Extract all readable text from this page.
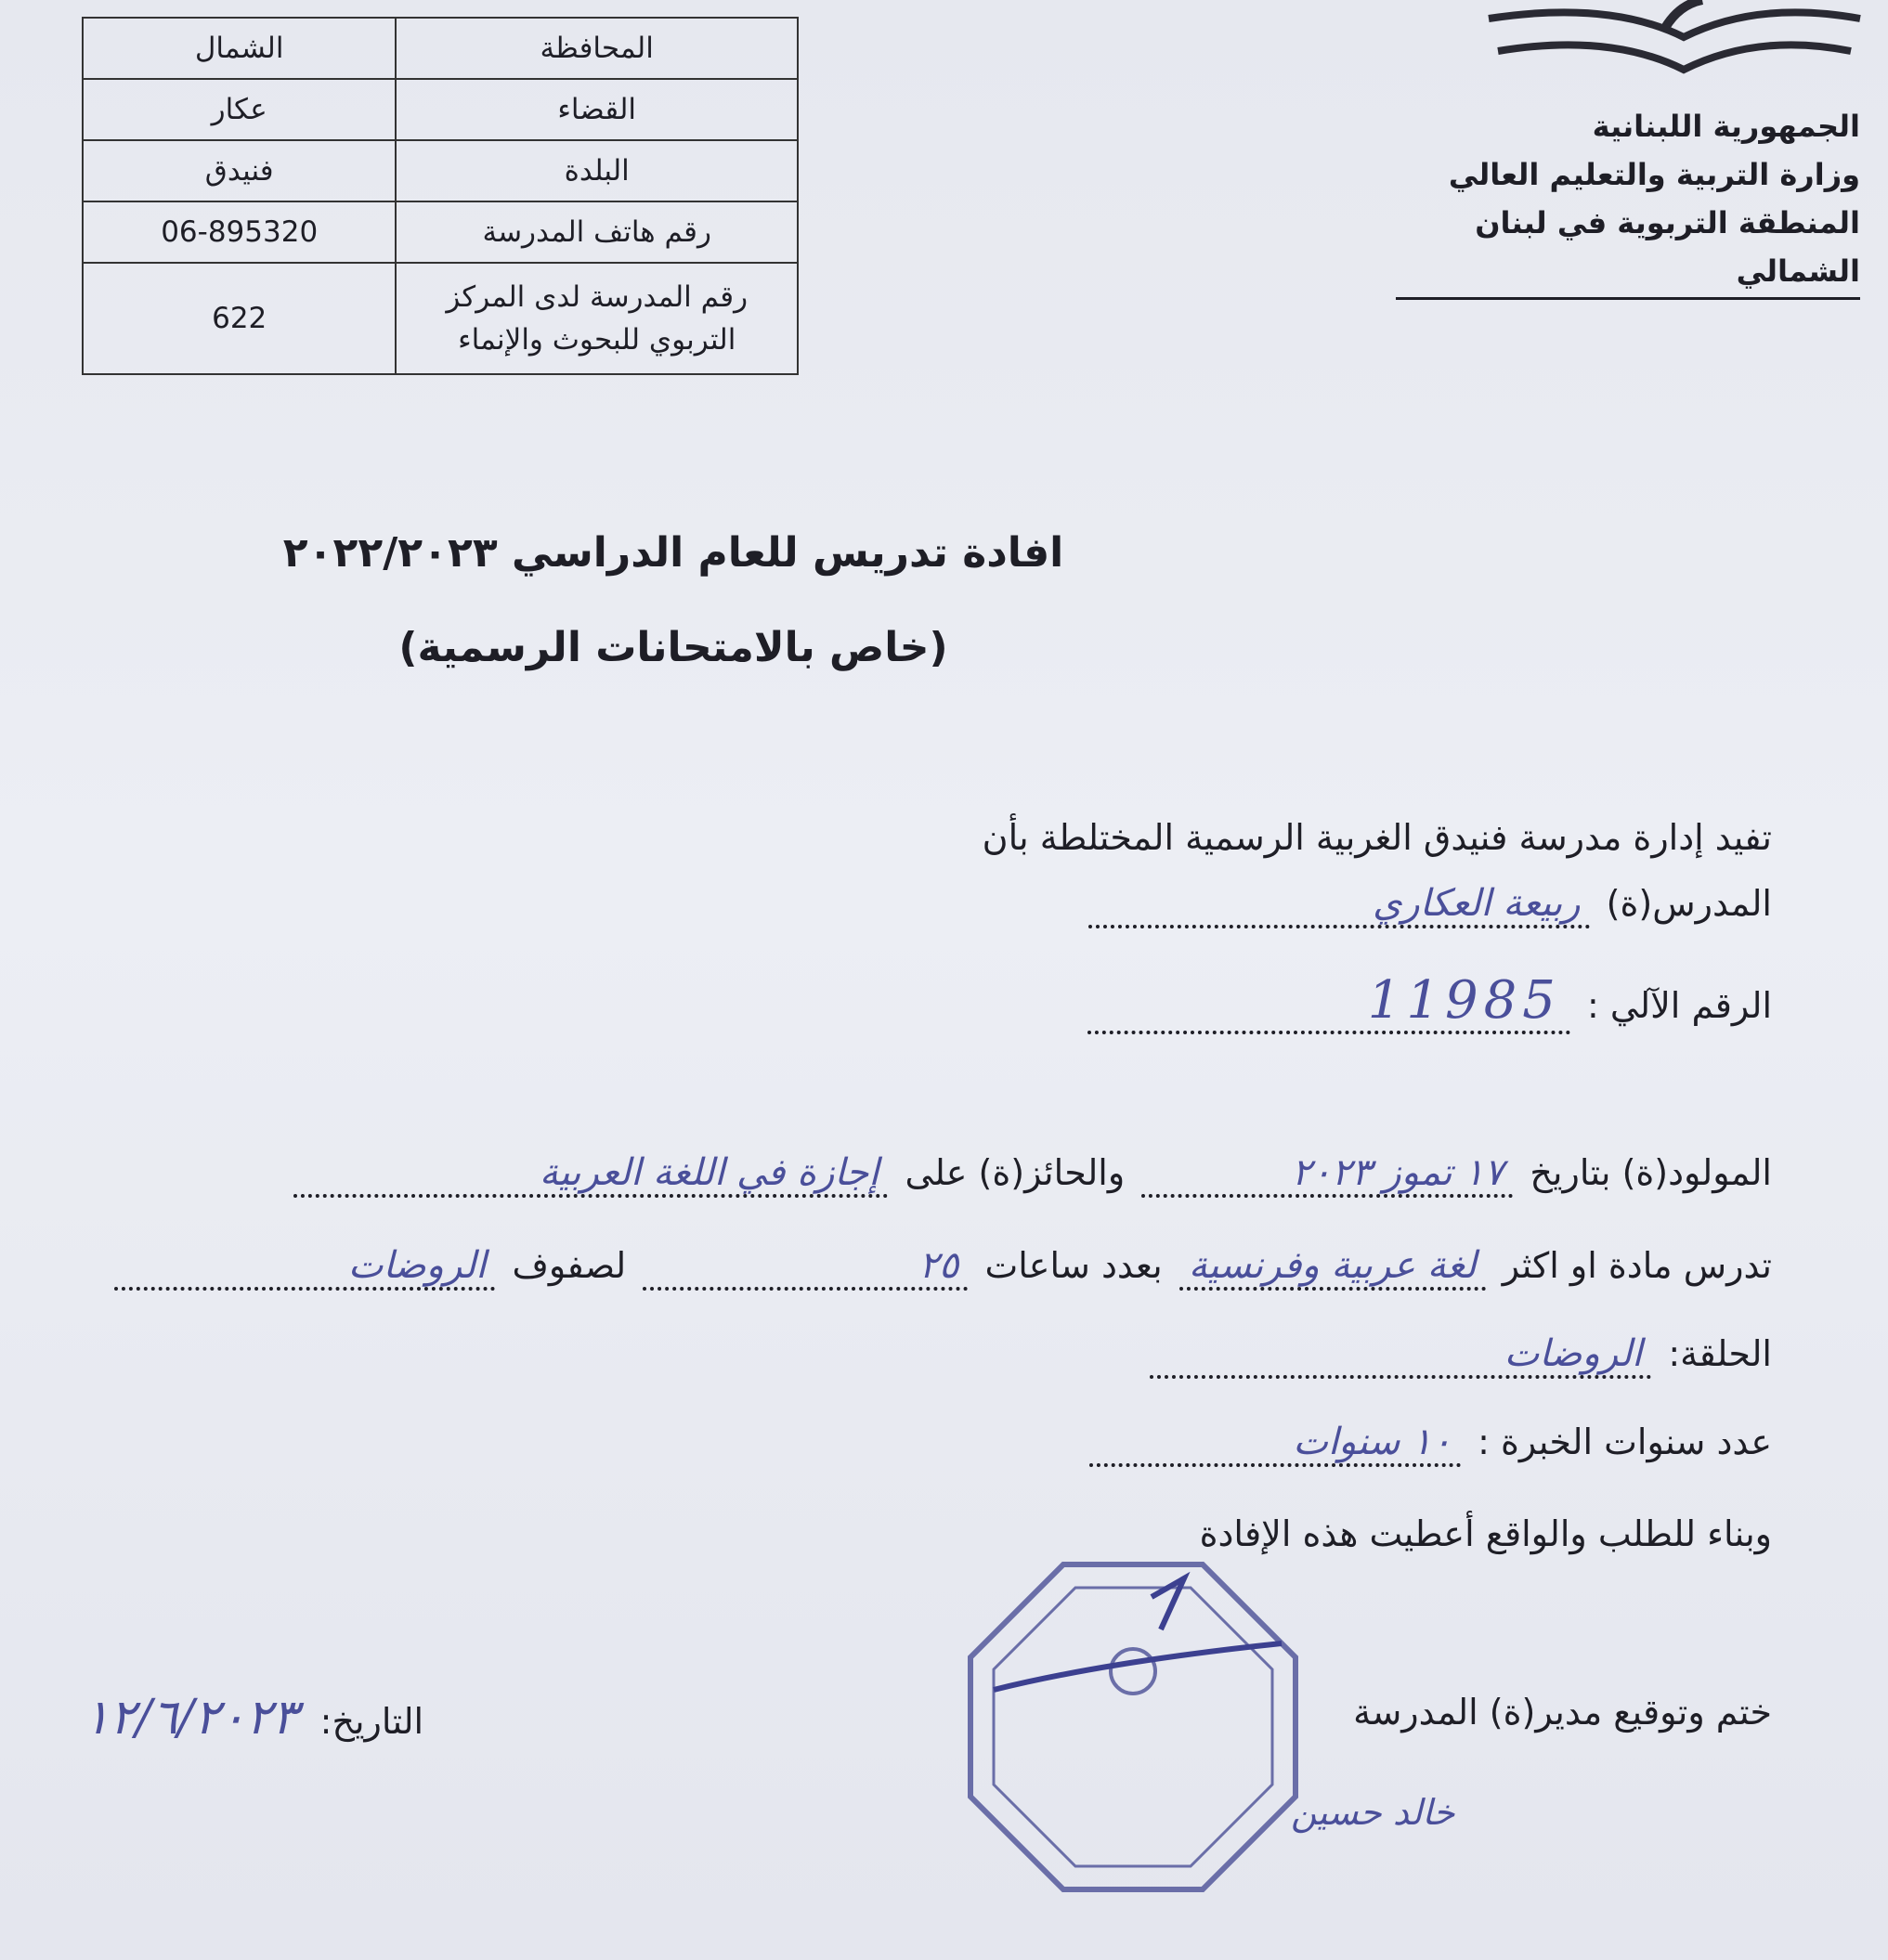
الجمهورية اللبنانية
وزارة التربية والتعليم العالي
المنطقة التربوية في لبنان الشمالي
الشمال	المحافظة
عكار	القضاء
فنيدق	البلدة
06-895320	رقم هاتف المدرسة
622	رقم المدرسة لدى المركز
التربوي للبحوث والإنماء
افادة تدريس للعام الدراسي ٢٠٢٢/٢٠٢٣
(خاص بالامتحانات الرسمية)
تفيد إدارة مدرسة فنيدق الغربية الرسمية المختلطة بأن
المدرس(ة) ربيعة العكاري
الرقم الآلي : 11985
المولود(ة) بتاريخ ١٧ تموز ٢٠٢٣ والحائز(ة) على إجازة في اللغة العربية
تدرس مادة او اكثر لغة عربية وفرنسية بعدد ساعات ٢٥ لصفوف الروضات
الحلقة: الروضات
عدد سنوات الخبرة : ١٠ سنوات
وبناء للطلب والواقع أعطيت هذه الإفادة
ختم وتوقيع مدير(ة) المدرسة
التاريخ: ١٢/٦/٢٠٢٣
خالد حسين
